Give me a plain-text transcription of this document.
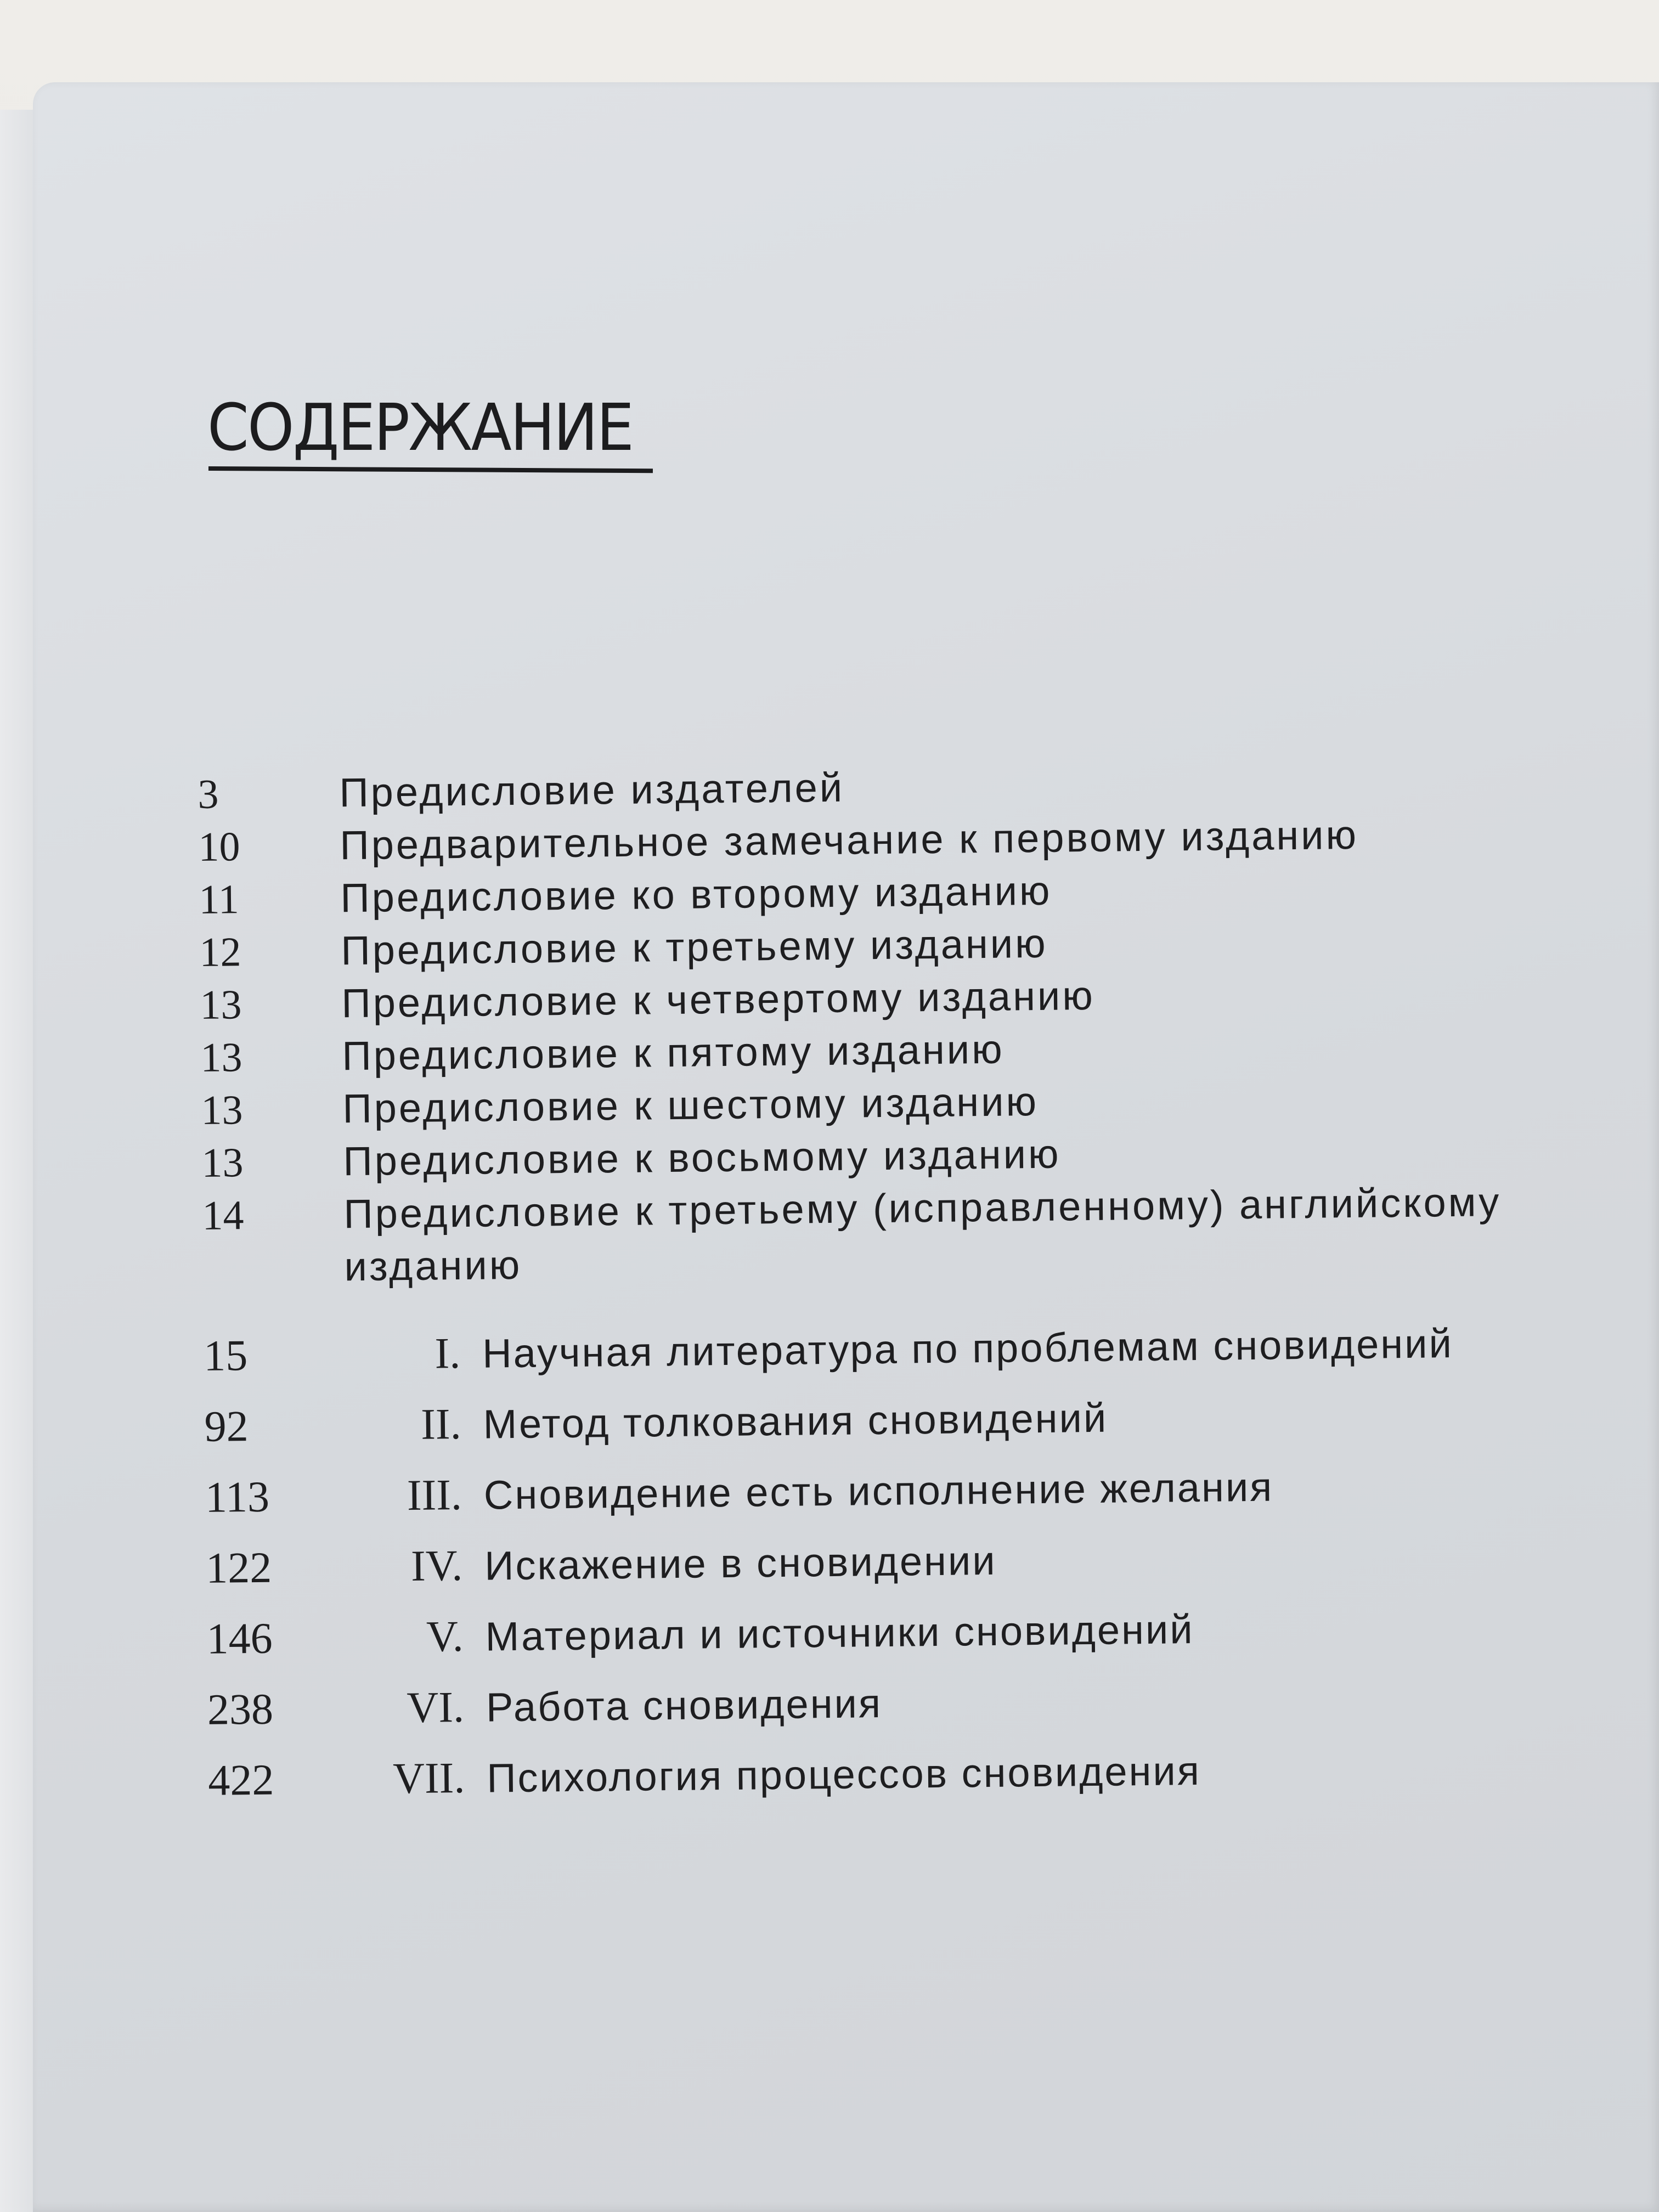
СОДЕРЖАНИЕ
3	Предисловие издателей
10	Предварительное замечание к первому изданию
11	Предисловие ко второму изданию
12	Предисловие к третьему изданию
13	Предисловие к четвертому изданию
13	Предисловие к пятому изданию
13	Предисловие к шестому изданию
13	Предисловие к восьмому изданию
14	Предисловие к третьему (исправленному) английскому изданию
15	I. Научная литература по проблемам сновидений
92	II. Метод толкования сновидений
113	III. Сновидение есть исполнение желания
122	IV. Искажение в сновидении
146	V. Материал и источники сновидений
238	VI. Работа сновидения
422	VII. Психология процессов сновидения
